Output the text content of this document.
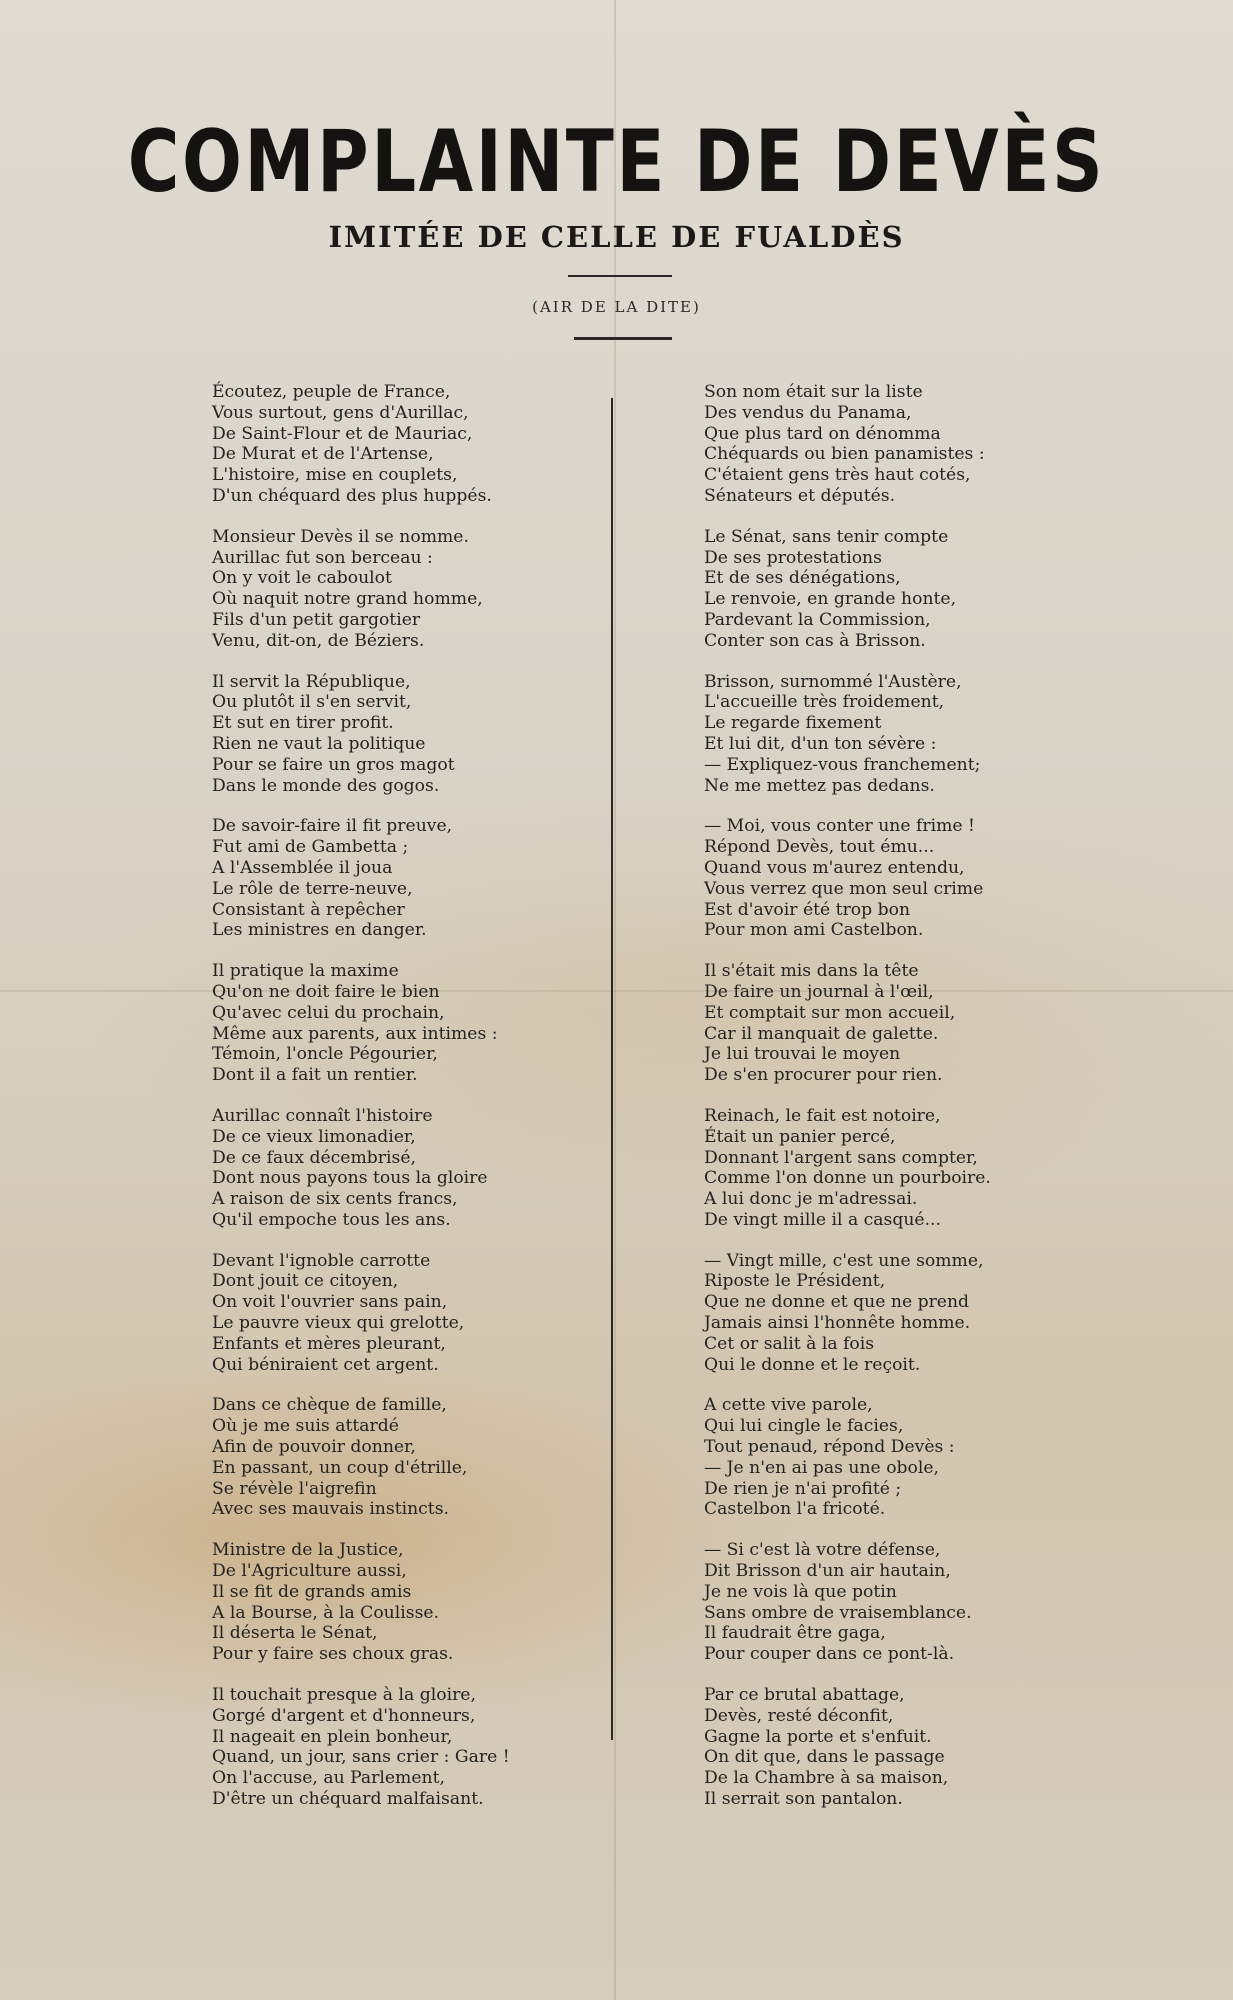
COMPLAINTE DE DEVÈS
IMITÉE DE CELLE DE FUALDÈS
(AIR DE LA DITE)
Écoutez, peuple de France,
Vous surtout, gens d'Aurillac,
De Saint-Flour et de Mauriac,
De Murat et de l'Artense,
L'histoire, mise en couplets,
D'un chéquard des plus huppés.
Monsieur Devès il se nomme.
Aurillac fut son berceau :
On y voit le caboulot
Où naquit notre grand homme,
Fils d'un petit gargotier
Venu, dit-on, de Béziers.
Il servit la République,
Ou plutôt il s'en servit,
Et sut en tirer profit.
Rien ne vaut la politique
Pour se faire un gros magot
Dans le monde des gogos.
De savoir-faire il fit preuve,
Fut ami de Gambetta ;
A l'Assemblée il joua
Le rôle de terre-neuve,
Consistant à repêcher
Les ministres en danger.
Il pratique la maxime
Qu'on ne doit faire le bien
Qu'avec celui du prochain,
Même aux parents, aux intimes :
Témoin, l'oncle Pégourier,
Dont il a fait un rentier.
Aurillac connaît l'histoire
De ce vieux limonadier,
De ce faux décembrisé,
Dont nous payons tous la gloire
A raison de six cents francs,
Qu'il empoche tous les ans.
Devant l'ignoble carrotte
Dont jouit ce citoyen,
On voit l'ouvrier sans pain,
Le pauvre vieux qui grelotte,
Enfants et mères pleurant,
Qui béniraient cet argent.
Dans ce chèque de famille,
Où je me suis attardé
Afin de pouvoir donner,
En passant, un coup d'étrille,
Se révèle l'aigrefin
Avec ses mauvais instincts.
Ministre de la Justice,
De l'Agriculture aussi,
Il se fit de grands amis
A la Bourse, à la Coulisse.
Il déserta le Sénat,
Pour y faire ses choux gras.
Il touchait presque à la gloire,
Gorgé d'argent et d'honneurs,
Il nageait en plein bonheur,
Quand, un jour, sans crier : Gare !
On l'accuse, au Parlement,
D'être un chéquard malfaisant.
Son nom était sur la liste
Des vendus du Panama,
Que plus tard on dénomma
Chéquards ou bien panamistes :
C'étaient gens très haut cotés,
Sénateurs et députés.
Le Sénat, sans tenir compte
De ses protestations
Et de ses dénégations,
Le renvoie, en grande honte,
Pardevant la Commission,
Conter son cas à Brisson.
Brisson, surnommé l'Austère,
L'accueille très froidement,
Le regarde fixement
Et lui dit, d'un ton sévère :
— Expliquez-vous franchement;
Ne me mettez pas dedans.
— Moi, vous conter une frime !
Répond Devès, tout ému...
Quand vous m'aurez entendu,
Vous verrez que mon seul crime
Est d'avoir été trop bon
Pour mon ami Castelbon.
Il s'était mis dans la tête
De faire un journal à l'œil,
Et comptait sur mon accueil,
Car il manquait de galette.
Je lui trouvai le moyen
De s'en procurer pour rien.
Reinach, le fait est notoire,
Était un panier percé,
Donnant l'argent sans compter,
Comme l'on donne un pourboire.
A lui donc je m'adressai.
De vingt mille il a casqué...
— Vingt mille, c'est une somme,
Riposte le Président,
Que ne donne et que ne prend
Jamais ainsi l'honnête homme.
Cet or salit à la fois
Qui le donne et le reçoit.
A cette vive parole,
Qui lui cingle le facies,
Tout penaud, répond Devès :
— Je n'en ai pas une obole,
De rien je n'ai profité ;
Castelbon l'a fricoté.
— Si c'est là votre défense,
Dit Brisson d'un air hautain,
Je ne vois là que potin
Sans ombre de vraisemblance.
Il faudrait être gaga,
Pour couper dans ce pont-là.
Par ce brutal abattage,
Devès, resté déconfit,
Gagne la porte et s'enfuit.
On dit que, dans le passage
De la Chambre à sa maison,
Il serrait son pantalon.
